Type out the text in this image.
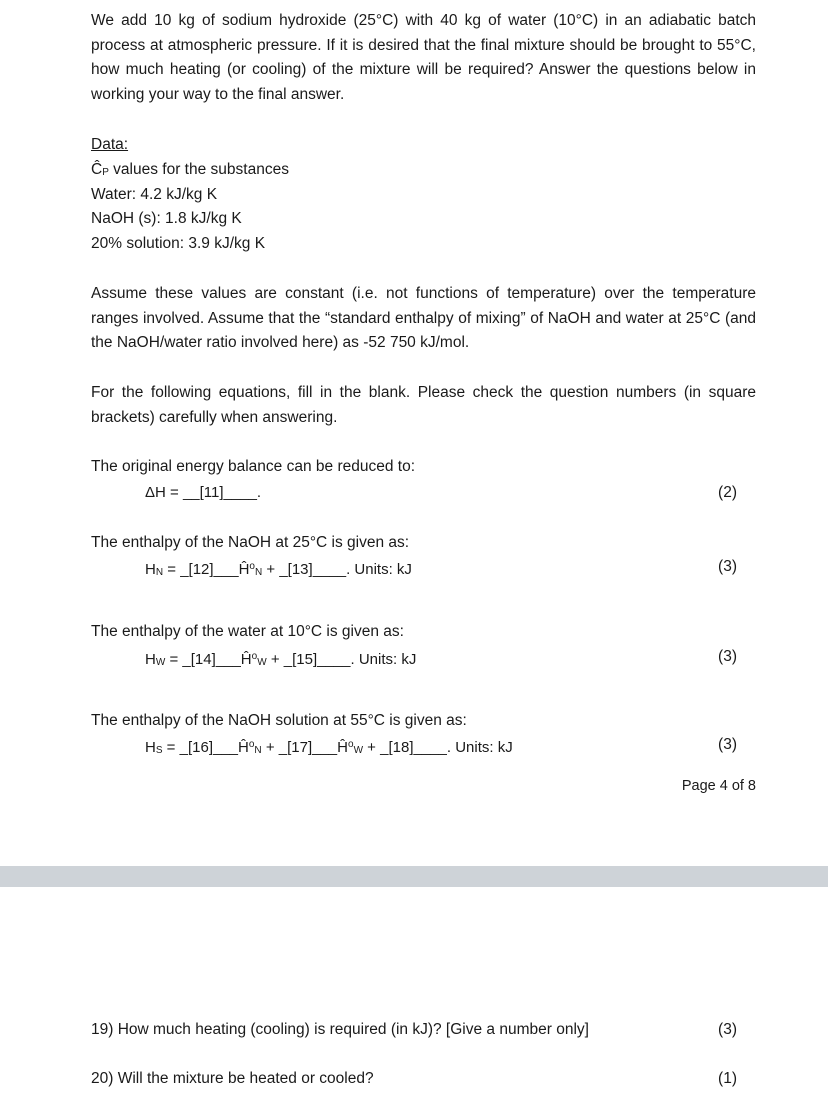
We add 10 kg of sodium hydroxide (25°C) with 40 kg of water (10°C) in an adiabatic batch process at atmospheric pressure. If it is desired that the final mixture should be brought to 55°C, how much heating (or cooling) of the mixture will be required? Answer the questions below in working your way to the final answer.

Data:
$Ĉ_P$ values for the substances
Water: 4.2 kJ/kg K
NaOH (s): 1.8 kJ/kg K
20% solution: 3.9 kJ/kg K

Assume these values are constant (i.e. not functions of temperature) over the temperature ranges involved. Assume that the “standard enthalpy of mixing” of NaOH and water at 25°C (and the NaOH/water ratio involved here) as -52 750 kJ/mol.

For the following equations, fill in the blank. Please check the question numbers (in square brackets) carefully when answering.

The original energy balance can be reduced to:
ΔH = __[11]____.	(2)
The enthalpy of the NaOH at 25°C is given as:
$H_N$ = $\_[12]\_\_\_Ĥ^o_N$ + _[13]____. Units: kJ	(3)
The enthalpy of the water at 10°C is given as:
$H_W$ = $\_[14]\_\_\_Ĥ^o_W$ + _[15]____. Units: kJ	(3)
The enthalpy of the NaOH solution at 55°C is given as:
$H_S$ = $\_[16]\_\_\_Ĥ^o_N$ + $\_[17]\_\_\_Ĥ^o_W$ + _[18]____. Units: kJ	(3)
Page 4 of 8
19) How much heating (cooling) is required (in kJ)? [Give a number only]	(3)
20) Will the mixture be heated or cooled?	(1)
